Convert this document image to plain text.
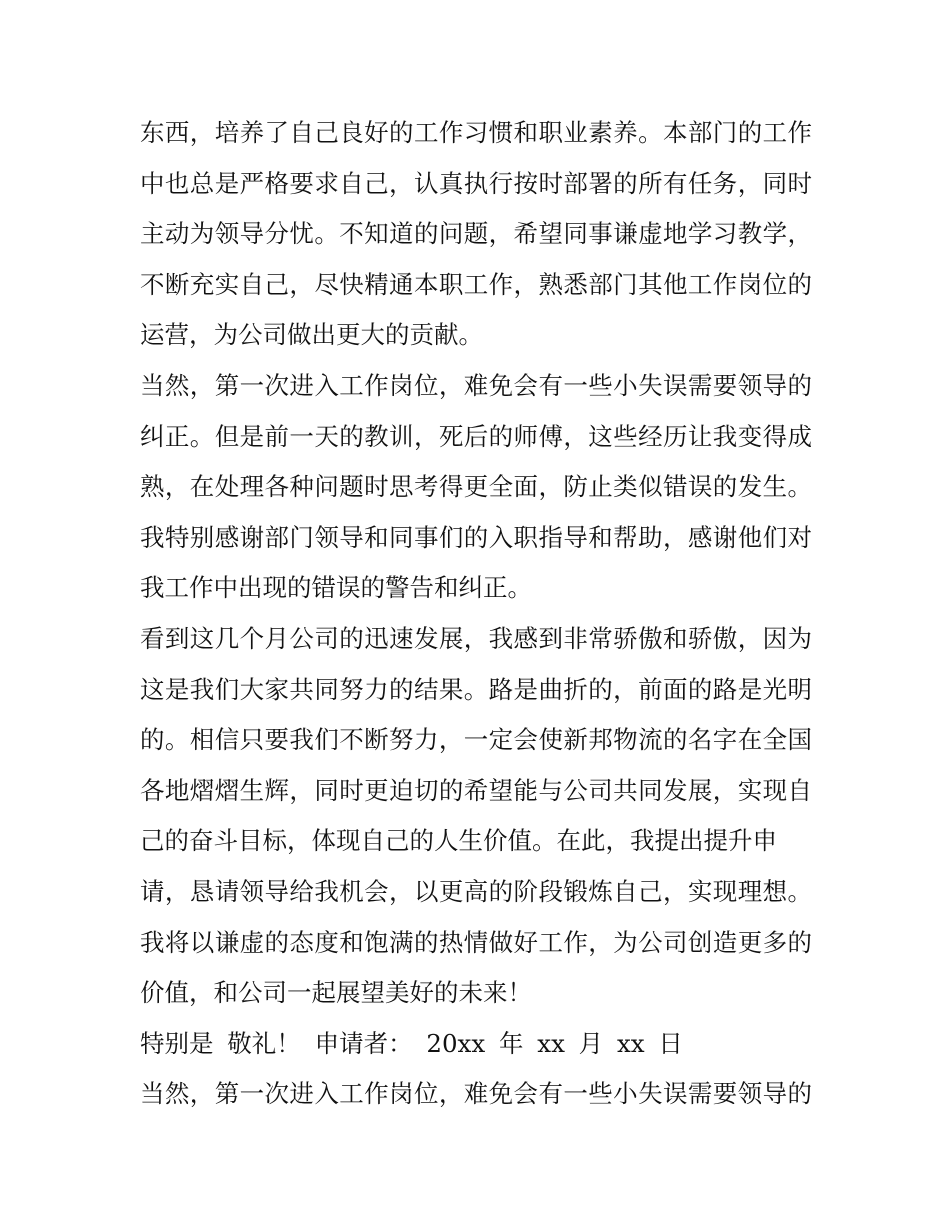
东西，培养了自己良好的工作习惯和职业素养。本部门的工作
中也总是严格要求自己，认真执行按时部署的所有任务，同时
主动为领导分忧。不知道的问题，希望同事谦虚地学习教学，
不断充实自己，尽快精通本职工作，熟悉部门其他工作岗位的
运营，为公司做出更大的贡献。
当然，第一次进入工作岗位，难免会有一些小失误需要领导的
纠正。但是前一天的教训，死后的师傅，这些经历让我变得成
熟，在处理各种问题时思考得更全面，防止类似错误的发生。
我特别感谢部门领导和同事们的入职指导和帮助，感谢他们对
我工作中出现的错误的警告和纠正。
看到这几个月公司的迅速发展，我感到非常骄傲和骄傲，因为
这是我们大家共同努力的结果。路是曲折的，前面的路是光明
的。相信只要我们不断努力，一定会使新邦物流的名字在全国
各地熠熠生辉，同时更迫切的希望能与公司共同发展，实现自
己的奋斗目标，体现自己的人生价值。在此，我提出提升申
请，恳请领导给我机会，以更高的阶段锻炼自己，实现理想。
我将以谦虚的态度和饱满的热情做好工作，为公司创造更多的
价值，和公司一起展望美好的未来！
特别是 敬礼！ 申请者： 20xx 年 xx 月 xx 日
当然，第一次进入工作岗位，难免会有一些小失误需要领导的
